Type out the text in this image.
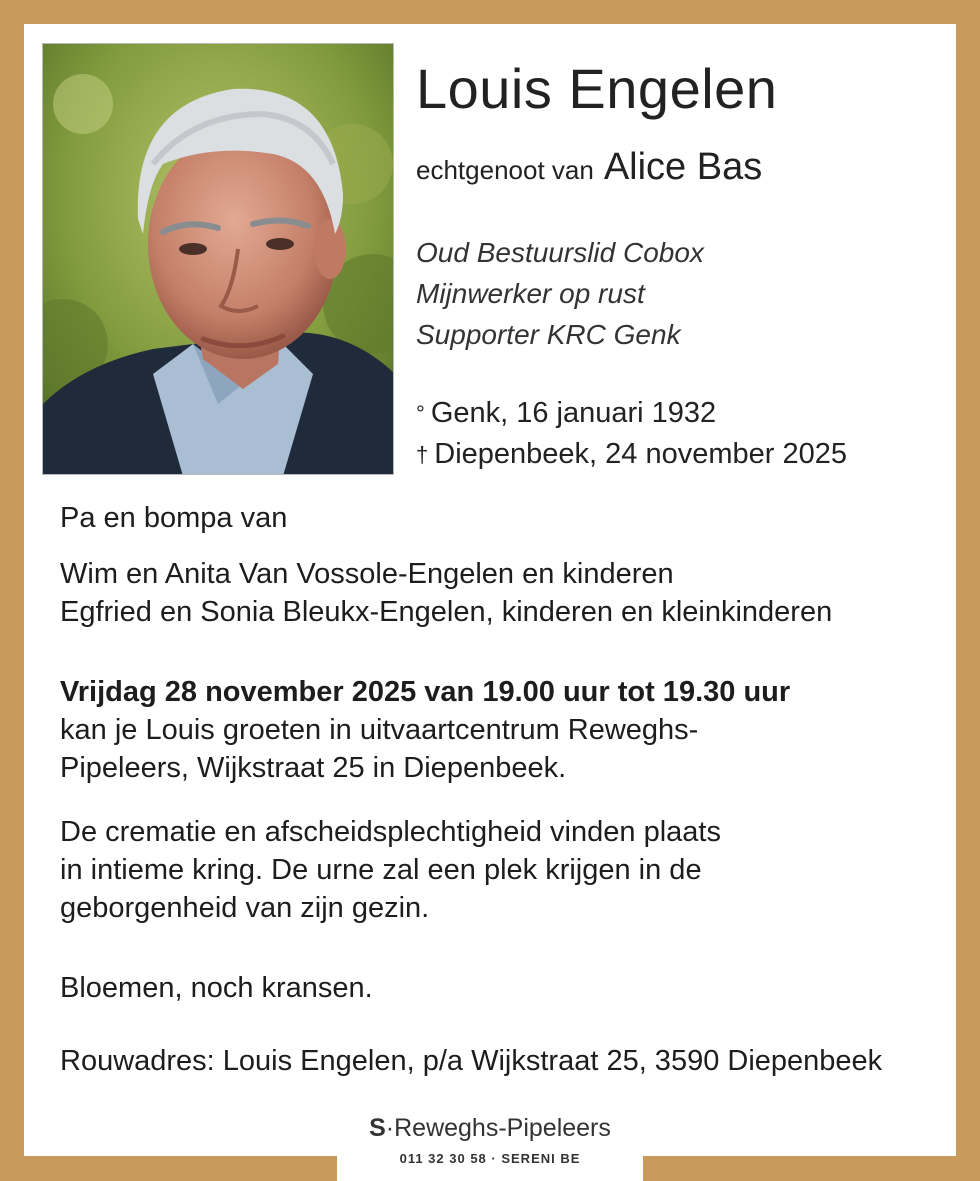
Louis Engelen
echtgenoot van Alice Bas
Oud Bestuurslid Cobox
Mijnwerker op rust
Supporter KRC Genk
° Genk, 16 januari 1932
† Diepenbeek, 24 november 2025
Pa en bompa van
Wim en Anita Van Vossole-Engelen en kinderen
Egfried en Sonia Bleukx-Engelen, kinderen en kleinkinderen
Vrijdag 28 november 2025 van 19.00 uur tot 19.30 uur
kan je Louis groeten in uitvaartcentrum Reweghs-
Pipeleers, Wijkstraat 25 in Diepenbeek.
De crematie en afscheidsplechtigheid vinden plaats
in intieme kring. De urne zal een plek krijgen in de
geborgenheid van zijn gezin.
Bloemen, noch kransen.
Rouwadres: Louis Engelen, p/a Wijkstraat 25, 3590 Diepenbeek
S·Reweghs-Pipeleers
011 32 30 58 · SERENI BE
